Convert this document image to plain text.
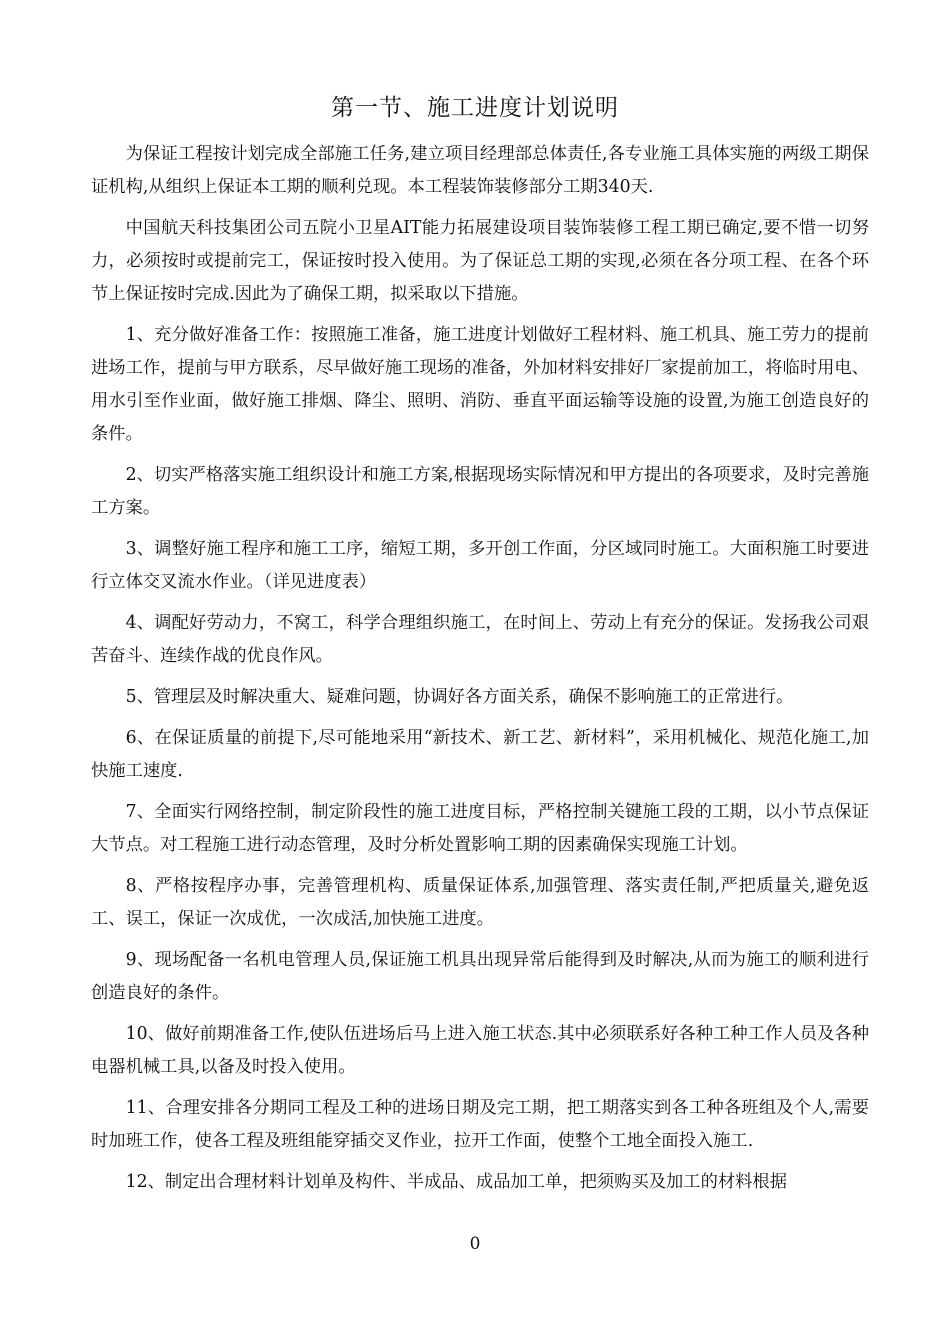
第一节、施工进度计划说明

为保证工程按计划完成全部施工任务,建立项目经理部总体责任,各专业施工具体实施的两级工期保证机构,从组织上保证本工期的顺利兑现。本工程装饰装修部分工期340天.

中国航天科技集团公司五院小卫星AIT能力拓展建设项目装饰装修工程工期已确定,要不惜一切努力，必须按时或提前完工，保证按时投入使用。为了保证总工期的实现,必须在各分项工程、在各个环节上保证按时完成.因此为了确保工期，拟采取以下措施。

1、充分做好准备工作：按照施工准备，施工进度计划做好工程材料、施工机具、施工劳力的提前进场工作，提前与甲方联系，尽早做好施工现场的准备，外加材料安排好厂家提前加工，将临时用电、用水引至作业面，做好施工排烟、降尘、照明、消防、垂直平面运输等设施的设置,为施工创造良好的条件。

2、切实严格落实施工组织设计和施工方案,根据现场实际情况和甲方提出的各项要求，及时完善施工方案。

3、调整好施工程序和施工工序，缩短工期，多开创工作面，分区域同时施工。大面积施工时要进行立体交叉流水作业。（详见进度表）

4、调配好劳动力，不窝工，科学合理组织施工，在时间上、劳动上有充分的保证。发扬我公司艰苦奋斗、连续作战的优良作风。

5、管理层及时解决重大、疑难问题，协调好各方面关系，确保不影响施工的正常进行。

6、在保证质量的前提下,尽可能地采用“新技术、新工艺、新材料”，采用机械化、规范化施工,加快施工速度.

7、全面实行网络控制，制定阶段性的施工进度目标，严格控制关键施工段的工期，以小节点保证大节点。对工程施工进行动态管理，及时分析处置影响工期的因素确保实现施工计划。

8、严格按程序办事，完善管理机构、质量保证体系,加强管理、落实责任制,严把质量关,避免返工、误工，保证一次成优，一次成活,加快施工进度。

9、现场配备一名机电管理人员,保证施工机具出现异常后能得到及时解决,从而为施工的顺利进行创造良好的条件。

10、做好前期准备工作,使队伍进场后马上进入施工状态.其中必须联系好各种工种工作人员及各种电器机械工具,以备及时投入使用。

11、合理安排各分期同工程及工种的进场日期及完工期，把工期落实到各工种各班组及个人,需要时加班工作，使各工程及班组能穿插交叉作业，拉开工作面，使整个工地全面投入施工.

12、制定出合理材料计划单及构件、半成品、成品加工单，把须购买及加工的材料根据

0
